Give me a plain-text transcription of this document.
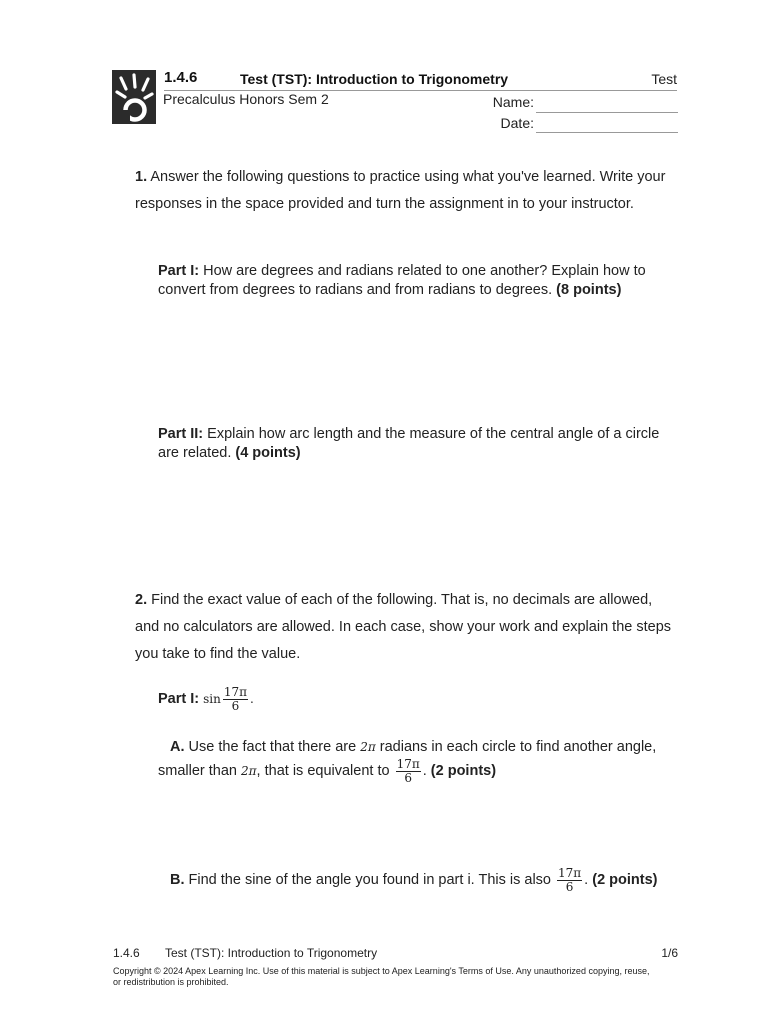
1.4.6	Test (TST): Introduction to Trigonometry	Test
Precalculus Honors Sem 2	Name:
Date:
1. Answer the following questions to practice using what you've learned. Write your responses in the space provided and turn the assignment in to your instructor.
Part I: How are degrees and radians related to one another? Explain how to convert from degrees to radians and from radians to degrees. (8 points)
Part II: Explain how arc length and the measure of the central angle of a circle are related. (4 points)
2. Find the exact value of each of the following. That is, no decimals are allowed, and no calculators are allowed. In each case, show your work and explain the steps you take to find the value.
Part I: $\sin \frac{17\pi}{6}$ .
A. Use the fact that there are 2π radians in each circle to find another angle,
smaller than 2π, that is equivalent to $\frac{17\pi}{6}$ . (2 points)
B. Find the sine of the angle you found in part i. This is also $\frac{17\pi}{6}$ . (2 points)
1.4.6 Test (TST): Introduction to Trigonometry	1/6
Copyright © 2024 Apex Learning Inc. Use of this material is subject to Apex Learning's Terms of Use. Any unauthorized copying, reuse, or redistribution is prohibited.
